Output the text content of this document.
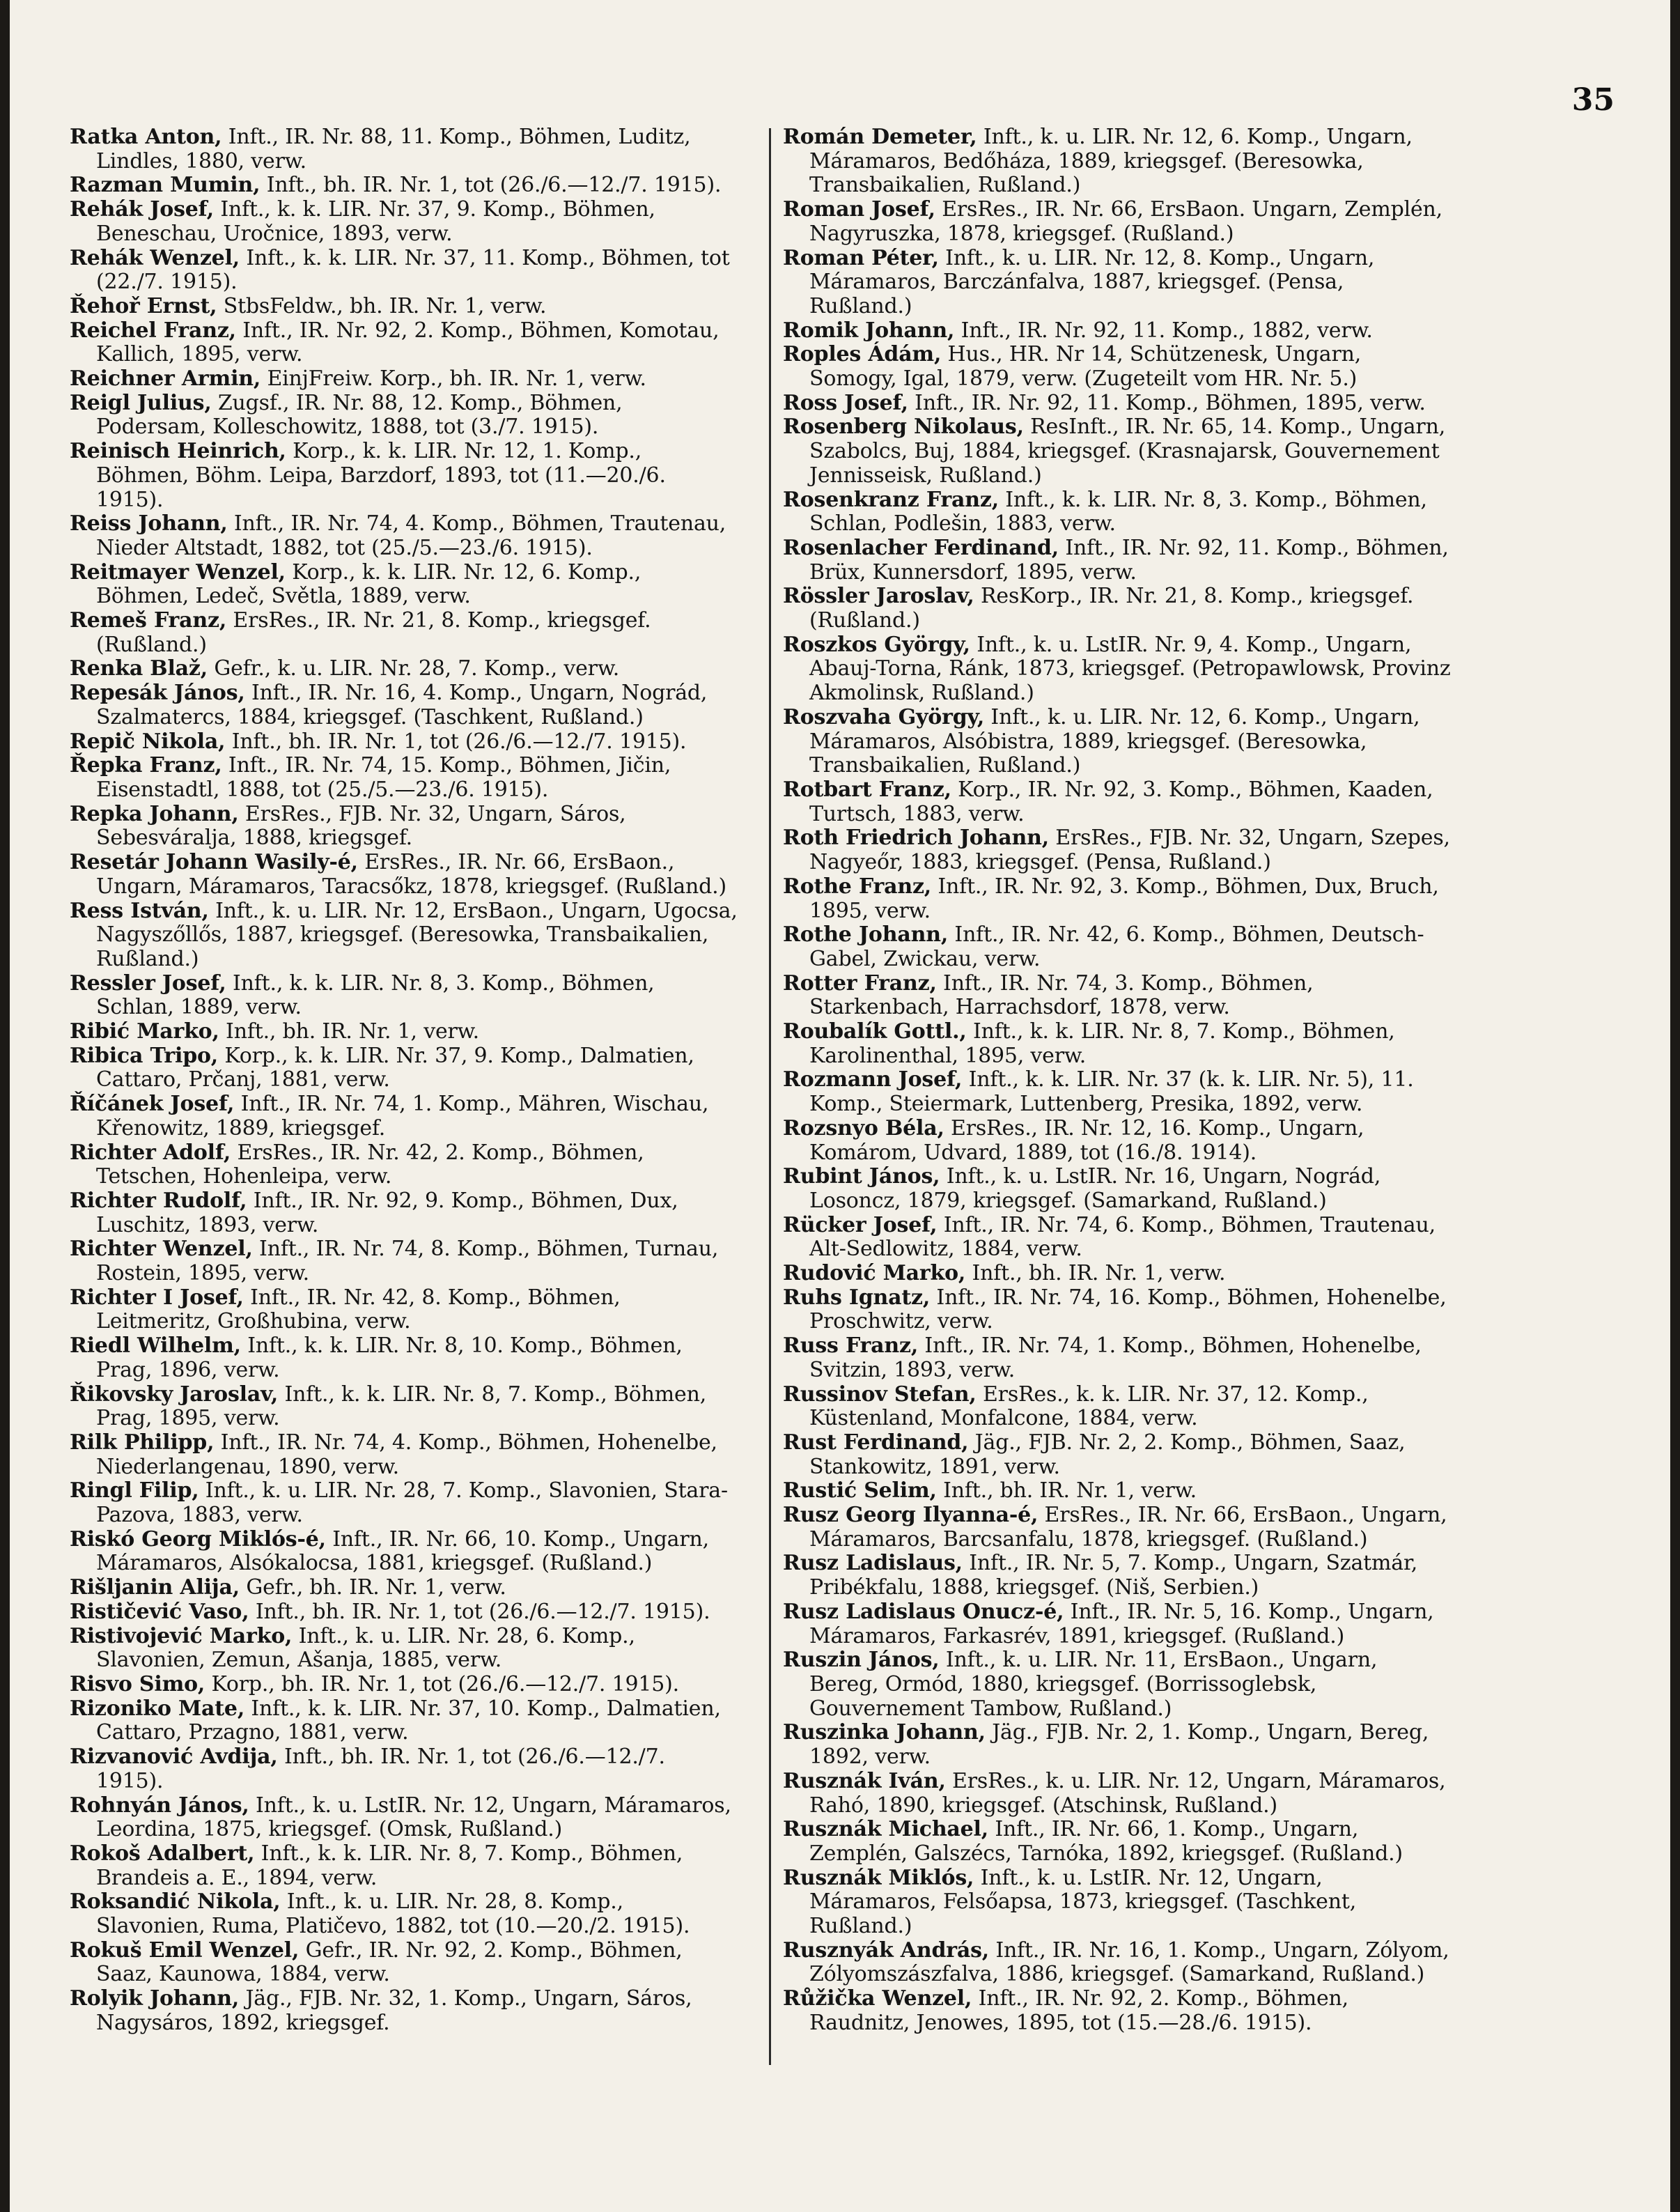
35

Ratka Anton, Inft., IR. Nr. 88, 11. Komp., Böhmen, Luditz, Lindles, 1880, verw.

Razman Mumin, Inft., bh. IR. Nr. 1, tot (26./6.—12./7. 1915).

Rehák Josef, Inft., k. k. LIR. Nr. 37, 9. Komp., Böhmen, Beneschau, Uročnice, 1893, verw.

Rehák Wenzel, Inft., k. k. LIR. Nr. 37, 11. Komp., Böhmen, tot (22./7. 1915).

Řehoř Ernst, StbsFeldw., bh. IR. Nr. 1, verw.

Reichel Franz, Inft., IR. Nr. 92, 2. Komp., Böhmen, Komotau, Kallich, 1895, verw.

Reichner Armin, EinjFreiw. Korp., bh. IR. Nr. 1, verw.

Reigl Julius, Zugsf., IR. Nr. 88, 12. Komp., Böhmen, Podersam, Kolleschowitz, 1888, tot (3./7. 1915).

Reinisch Heinrich, Korp., k. k. LIR. Nr. 12, 1. Komp., Böhmen, Böhm. Leipa, Barzdorf, 1893, tot (11.—20./6. 1915).

Reiss Johann, Inft., IR. Nr. 74, 4. Komp., Böhmen, Trautenau, Nieder Altstadt, 1882, tot (25./5.—23./6. 1915).

Reitmayer Wenzel, Korp., k. k. LIR. Nr. 12, 6. Komp., Böhmen, Ledeč, Světla, 1889, verw.

Remeš Franz, ErsRes., IR. Nr. 21, 8. Komp., kriegsgef. (Rußland.)

Renka Blaž, Gefr., k. u. LIR. Nr. 28, 7. Komp., verw.

Repesák János, Inft., IR. Nr. 16, 4. Komp., Ungarn, Nográd, Szalmatercs, 1884, kriegsgef. (Taschkent, Rußland.)

Repič Nikola, Inft., bh. IR. Nr. 1, tot (26./6.—12./7. 1915).

Řepka Franz, Inft., IR. Nr. 74, 15. Komp., Böhmen, Jičin, Eisenstadtl, 1888, tot (25./5.—23./6. 1915).

Repka Johann, ErsRes., FJB. Nr. 32, Ungarn, Sáros, Sebesváralja, 1888, kriegsgef.

Resetár Johann Wasily-é, ErsRes., IR. Nr. 66, ErsBaon., Ungarn, Máramaros, Taracsőkz, 1878, kriegsgef. (Rußland.)

Ress István, Inft., k. u. LIR. Nr. 12, ErsBaon., Ungarn, Ugocsa, Nagyszőllős, 1887, kriegsgef. (Beresowka, Transbaikalien, Rußland.)

Ressler Josef, Inft., k. k. LIR. Nr. 8, 3. Komp., Böhmen, Schlan, 1889, verw.

Ribić Marko, Inft., bh. IR. Nr. 1, verw.

Ribica Tripo, Korp., k. k. LIR. Nr. 37, 9. Komp., Dalmatien, Cattaro, Prčanj, 1881, verw.

Říčánek Josef, Inft., IR. Nr. 74, 1. Komp., Mähren, Wischau, Křenowitz, 1889, kriegsgef.

Richter Adolf, ErsRes., IR. Nr. 42, 2. Komp., Böhmen, Tetschen, Hohenleipa, verw.

Richter Rudolf, Inft., IR. Nr. 92, 9. Komp., Böhmen, Dux, Luschitz, 1893, verw.

Richter Wenzel, Inft., IR. Nr. 74, 8. Komp., Böhmen, Turnau, Rostein, 1895, verw.

Richter I Josef, Inft., IR. Nr. 42, 8. Komp., Böhmen, Leitmeritz, Großhubina, verw.

Riedl Wilhelm, Inft., k. k. LIR. Nr. 8, 10. Komp., Böhmen, Prag, 1896, verw.

Řikovsky Jaroslav, Inft., k. k. LIR. Nr. 8, 7. Komp., Böhmen, Prag, 1895, verw.

Rilk Philipp, Inft., IR. Nr. 74, 4. Komp., Böhmen, Hohenelbe, Niederlangenau, 1890, verw.

Ringl Filip, Inft., k. u. LIR. Nr. 28, 7. Komp., Slavonien, Stara-Pazova, 1883, verw.

Riskó Georg Miklós-é, Inft., IR. Nr. 66, 10. Komp., Ungarn, Máramaros, Alsókalocsa, 1881, kriegsgef. (Rußland.)

Rišljanin Alija, Gefr., bh. IR. Nr. 1, verw.

Rističević Vaso, Inft., bh. IR. Nr. 1, tot (26./6.—12./7. 1915).

Ristivojević Marko, Inft., k. u. LIR. Nr. 28, 6. Komp., Slavonien, Zemun, Ašanja, 1885, verw.

Risvo Simo, Korp., bh. IR. Nr. 1, tot (26./6.—12./7. 1915).

Rizoniko Mate, Inft., k. k. LIR. Nr. 37, 10. Komp., Dalmatien, Cattaro, Przagno, 1881, verw.

Rizvanović Avdija, Inft., bh. IR. Nr. 1, tot (26./6.—12./7. 1915).

Rohnyán János, Inft., k. u. LstIR. Nr. 12, Ungarn, Máramaros, Leordina, 1875, kriegsgef. (Omsk, Rußland.)

Rokoš Adalbert, Inft., k. k. LIR. Nr. 8, 7. Komp., Böhmen, Brandeis a. E., 1894, verw.

Roksandić Nikola, Inft., k. u. LIR. Nr. 28, 8. Komp., Slavonien, Ruma, Platičevo, 1882, tot (10.—20./2. 1915).

Rokuš Emil Wenzel, Gefr., IR. Nr. 92, 2. Komp., Böhmen, Saaz, Kaunowa, 1884, verw.

Rolyik Johann, Jäg., FJB. Nr. 32, 1. Komp., Ungarn, Sáros, Nagysáros, 1892, kriegsgef.

Román Demeter, Inft., k. u. LIR. Nr. 12, 6. Komp., Ungarn, Máramaros, Bedőháza, 1889, kriegsgef. (Beresowka, Transbaikalien, Rußland.)

Roman Josef, ErsRes., IR. Nr. 66, ErsBaon. Ungarn, Zemplén, Nagyruszka, 1878, kriegsgef. (Rußland.)

Roman Péter, Inft., k. u. LIR. Nr. 12, 8. Komp., Ungarn, Máramaros, Barczánfalva, 1887, kriegsgef. (Pensa, Rußland.)

Romik Johann, Inft., IR. Nr. 92, 11. Komp., 1882, verw.

Roples Ádám, Hus., HR. Nr 14, Schützenesk, Ungarn, Somogy, Igal, 1879, verw. (Zugeteilt vom HR. Nr. 5.)

Ross Josef, Inft., IR. Nr. 92, 11. Komp., Böhmen, 1895, verw.

Rosenberg Nikolaus, ResInft., IR. Nr. 65, 14. Komp., Ungarn, Szabolcs, Buj, 1884, kriegsgef. (Krasnajarsk, Gouvernement Jennisseisk, Rußland.)

Rosenkranz Franz, Inft., k. k. LIR. Nr. 8, 3. Komp., Böhmen, Schlan, Podlešin, 1883, verw.

Rosenlacher Ferdinand, Inft., IR. Nr. 92, 11. Komp., Böhmen, Brüx, Kunnersdorf, 1895, verw.

Rössler Jaroslav, ResKorp., IR. Nr. 21, 8. Komp., kriegsgef. (Rußland.)

Roszkos György, Inft., k. u. LstIR. Nr. 9, 4. Komp., Ungarn, Abauj-Torna, Ránk, 1873, kriegsgef. (Petropawlowsk, Provinz Akmolinsk, Rußland.)

Roszvaha György, Inft., k. u. LIR. Nr. 12, 6. Komp., Ungarn, Máramaros, Alsóbistra, 1889, kriegsgef. (Beresowka, Transbaikalien, Rußland.)

Rotbart Franz, Korp., IR. Nr. 92, 3. Komp., Böhmen, Kaaden, Turtsch, 1883, verw.

Roth Friedrich Johann, ErsRes., FJB. Nr. 32, Ungarn, Szepes, Nagyeőr, 1883, kriegsgef. (Pensa, Rußland.)

Rothe Franz, Inft., IR. Nr. 92, 3. Komp., Böhmen, Dux, Bruch, 1895, verw.

Rothe Johann, Inft., IR. Nr. 42, 6. Komp., Böhmen, Deutsch-Gabel, Zwickau, verw.

Rotter Franz, Inft., IR. Nr. 74, 3. Komp., Böhmen, Starkenbach, Harrachsdorf, 1878, verw.

Roubalík Gottl., Inft., k. k. LIR. Nr. 8, 7. Komp., Böhmen, Karolinenthal, 1895, verw.

Rozmann Josef, Inft., k. k. LIR. Nr. 37 (k. k. LIR. Nr. 5), 11. Komp., Steiermark, Luttenberg, Presika, 1892, verw.

Rozsnyo Béla, ErsRes., IR. Nr. 12, 16. Komp., Ungarn, Komárom, Udvard, 1889, tot (16./8. 1914).

Rubint János, Inft., k. u. LstIR. Nr. 16, Ungarn, Nográd, Losoncz, 1879, kriegsgef. (Samarkand, Rußland.)

Rücker Josef, Inft., IR. Nr. 74, 6. Komp., Böhmen, Trautenau, Alt-Sedlowitz, 1884, verw.

Rudović Marko, Inft., bh. IR. Nr. 1, verw.

Ruhs Ignatz, Inft., IR. Nr. 74, 16. Komp., Böhmen, Hohenelbe, Proschwitz, verw.

Russ Franz, Inft., IR. Nr. 74, 1. Komp., Böhmen, Hohenelbe, Svitzin, 1893, verw.

Russinov Stefan, ErsRes., k. k. LIR. Nr. 37, 12. Komp., Küstenland, Monfalcone, 1884, verw.

Rust Ferdinand, Jäg., FJB. Nr. 2, 2. Komp., Böhmen, Saaz, Stankowitz, 1891, verw.

Rustić Selim, Inft., bh. IR. Nr. 1, verw.

Rusz Georg Ilyanna-é, ErsRes., IR. Nr. 66, ErsBaon., Ungarn, Máramaros, Barcsanfalu, 1878, kriegsgef. (Rußland.)

Rusz Ladislaus, Inft., IR. Nr. 5, 7. Komp., Ungarn, Szatmár, Pribékfalu, 1888, kriegsgef. (Niš, Serbien.)

Rusz Ladislaus Onucz-é, Inft., IR. Nr. 5, 16. Komp., Ungarn, Máramaros, Farkasrév, 1891, kriegsgef. (Rußland.)

Ruszin János, Inft., k. u. LIR. Nr. 11, ErsBaon., Ungarn, Bereg, Ormód, 1880, kriegsgef. (Borrissoglebsk, Gouvernement Tambow, Rußland.)

Ruszinka Johann, Jäg., FJB. Nr. 2, 1. Komp., Ungarn, Bereg, 1892, verw.

Rusznák Iván, ErsRes., k. u. LIR. Nr. 12, Ungarn, Máramaros, Rahó, 1890, kriegsgef. (Atschinsk, Rußland.)

Rusznák Michael, Inft., IR. Nr. 66, 1. Komp., Ungarn, Zemplén, Galszécs, Tarnóka, 1892, kriegsgef. (Rußland.)

Rusznák Miklós, Inft., k. u. LstIR. Nr. 12, Ungarn, Máramaros, Felsőapsa, 1873, kriegsgef. (Taschkent, Rußland.)

Rusznyák András, Inft., IR. Nr. 16, 1. Komp., Ungarn, Zólyom, Zólyomszászfalva, 1886, kriegsgef. (Samarkand, Rußland.)

Růžička Wenzel, Inft., IR. Nr. 92, 2. Komp., Böhmen, Raudnitz, Jenowes, 1895, tot (15.—28./6. 1915).
